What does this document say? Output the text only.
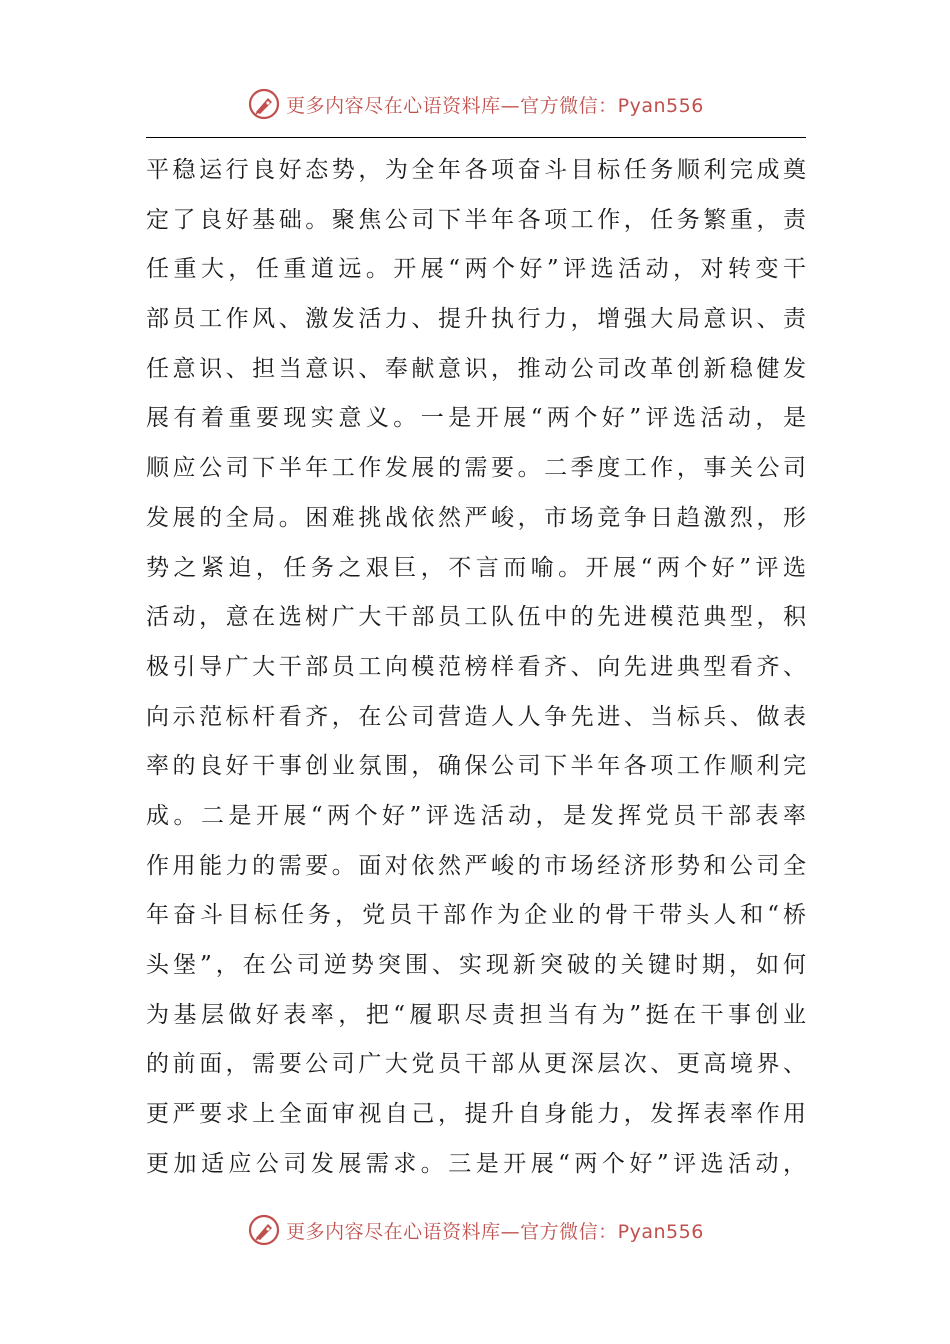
更多内容尽在心语资料库—官方微信：Pyan556
平稳运行良好态势，为全年各项奋斗目标任务顺利完成奠
定了良好基础。聚焦公司下半年各项工作，任务繁重，责
任重大，任重道远。开展“两个好”评选活动，对转变干
部员工作风、激发活力、提升执行力，增强大局意识、责
任意识、担当意识、奉献意识，推动公司改革创新稳健发
展有着重要现实意义。一是开展“两个好”评选活动，是
顺应公司下半年工作发展的需要。二季度工作，事关公司
发展的全局。困难挑战依然严峻，市场竞争日趋激烈，形
势之紧迫，任务之艰巨，不言而喻。开展“两个好”评选
活动，意在选树广大干部员工队伍中的先进模范典型，积
极引导广大干部员工向模范榜样看齐、向先进典型看齐、
向示范标杆看齐，在公司营造人人争先进、当标兵、做表
率的良好干事创业氛围，确保公司下半年各项工作顺利完
成。二是开展“两个好”评选活动，是发挥党员干部表率
作用能力的需要。面对依然严峻的市场经济形势和公司全
年奋斗目标任务，党员干部作为企业的骨干带头人和“桥
头堡”，在公司逆势突围、实现新突破的关键时期，如何
为基层做好表率，把“履职尽责担当有为”挺在干事创业
的前面，需要公司广大党员干部从更深层次、更高境界、
更严要求上全面审视自己，提升自身能力，发挥表率作用
更加适应公司发展需求。三是开展“两个好”评选活动，
更多内容尽在心语资料库—官方微信：Pyan556
